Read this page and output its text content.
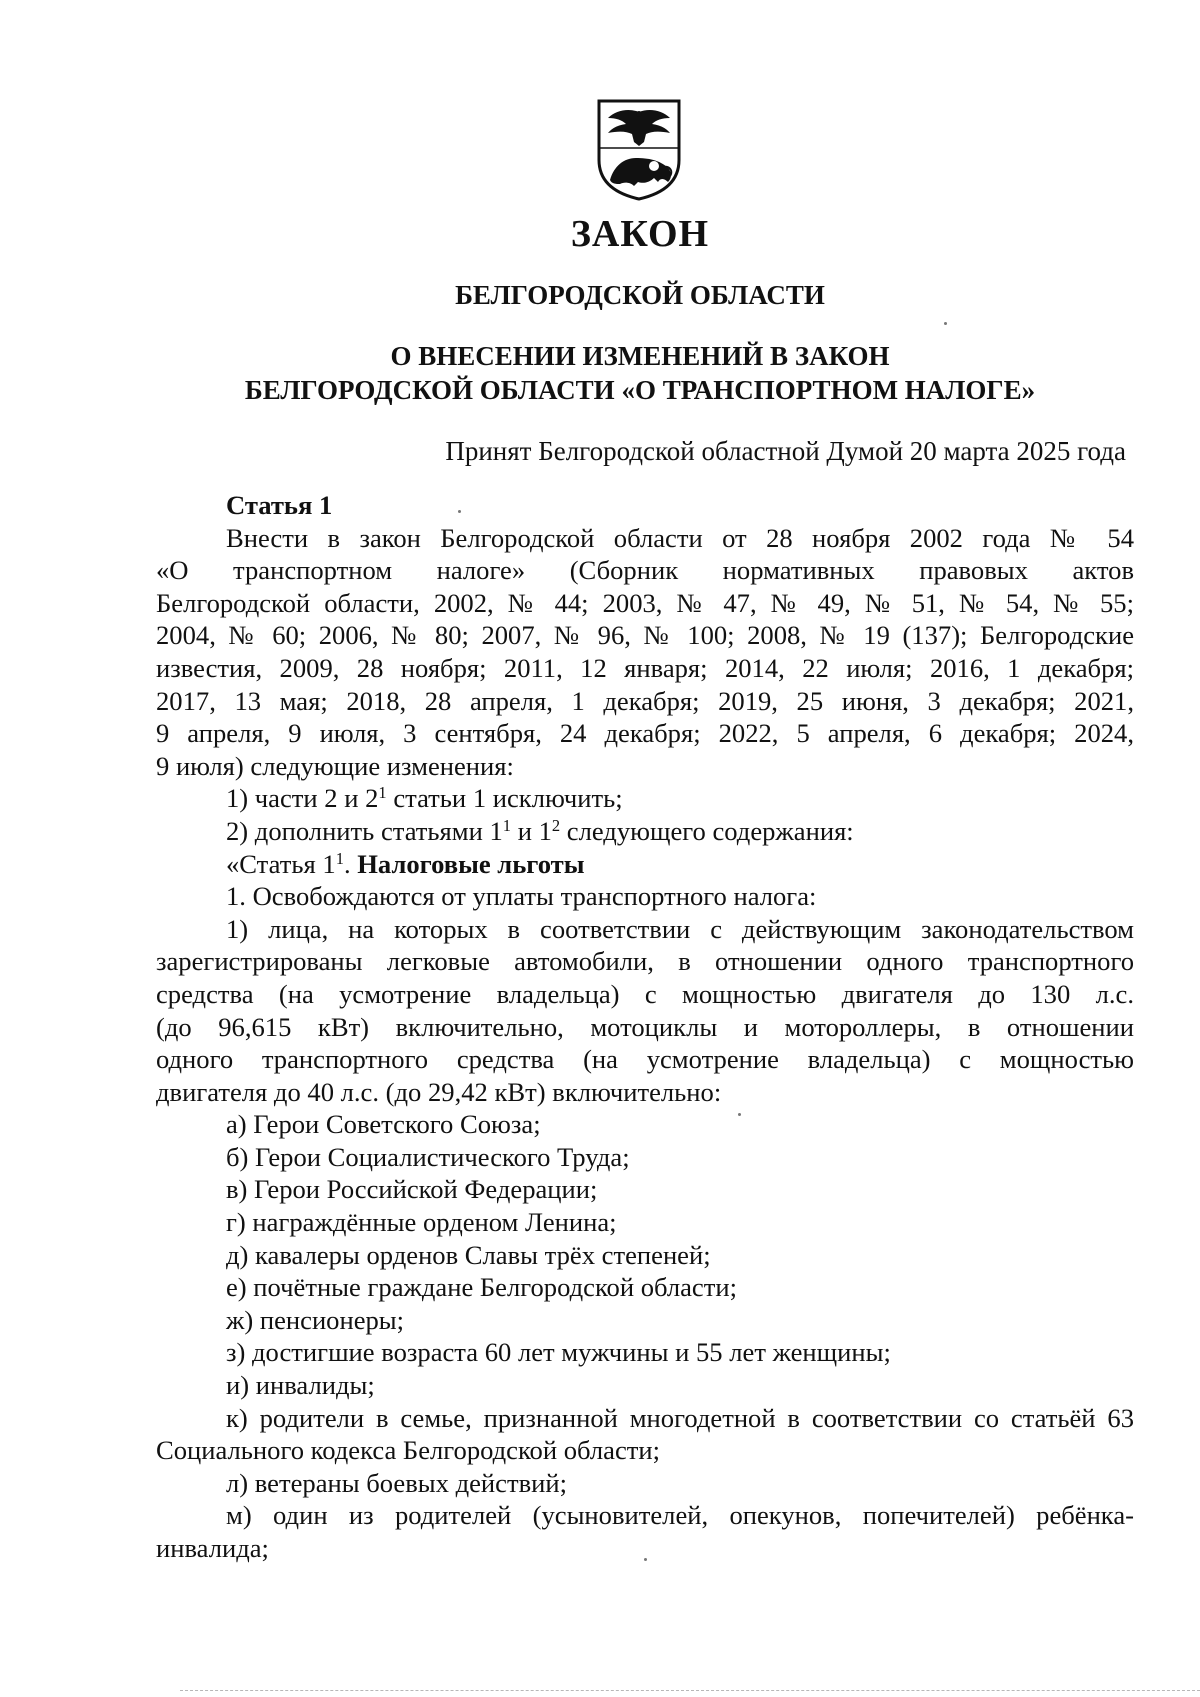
ЗАКОН
БЕЛГОРОДСКОЙ ОБЛАСТИ
О ВНЕСЕНИИ ИЗМЕНЕНИЙ В ЗАКОН
БЕЛГОРОДСКОЙ ОБЛАСТИ «О ТРАНСПОРТНОМ НАЛОГЕ»
Принят Белгородской областной Думой 20 марта 2025 года

Статья 1

Внести в закон Белгородской области от 28 ноября 2002 года № 54

«О транспортном налоге» (Сборник нормативных правовых актов

Белгородской области, 2002, № 44; 2003, № 47, № 49, № 51, № 54, № 55;

2004, № 60; 2006, № 80; 2007, № 96, № 100; 2008, № 19 (137); Белгородские

известия, 2009, 28 ноября; 2011, 12 января; 2014, 22 июля; 2016, 1 декабря;

2017, 13 мая; 2018, 28 апреля, 1 декабря; 2019, 25 июня, 3 декабря; 2021,

9 апреля, 9 июля, 3 сентября, 24 декабря; 2022, 5 апреля, 6 декабря; 2024,

9 июля) следующие изменения:

1) части 2 и $2^1$ статьи 1 исключить;

2) дополнить статьями $1^1$ и $1^2$ следующего содержания:

«Статья $1^1$. Налоговые льготы

1. Освобождаются от уплаты транспортного налога:

1) лица, на которых в соответствии с действующим законодательством

зарегистрированы легковые автомобили, в отношении одного транспортного

средства (на усмотрение владельца) с мощностью двигателя до 130 л.с.

(до 96,615 кВт) включительно, мотоциклы и мотороллеры, в отношении

одного транспортного средства (на усмотрение владельца) с мощностью

двигателя до 40 л.с. (до 29,42 кВт) включительно:

а) Герои Советского Союза;

б) Герои Социалистического Труда;

в) Герои Российской Федерации;

г) награждённые орденом Ленина;

д) кавалеры орденов Славы трёх степеней;

е) почётные граждане Белгородской области;

ж) пенсионеры;

з) достигшие возраста 60 лет мужчины и 55 лет женщины;

и) инвалиды;

к) родители в семье, признанной многодетной в соответствии со статьёй 63

Социального кодекса Белгородской области;

л) ветераны боевых действий;

м) один из родителей (усыновителей, опекунов, попечителей) ребёнка-

инвалида;
